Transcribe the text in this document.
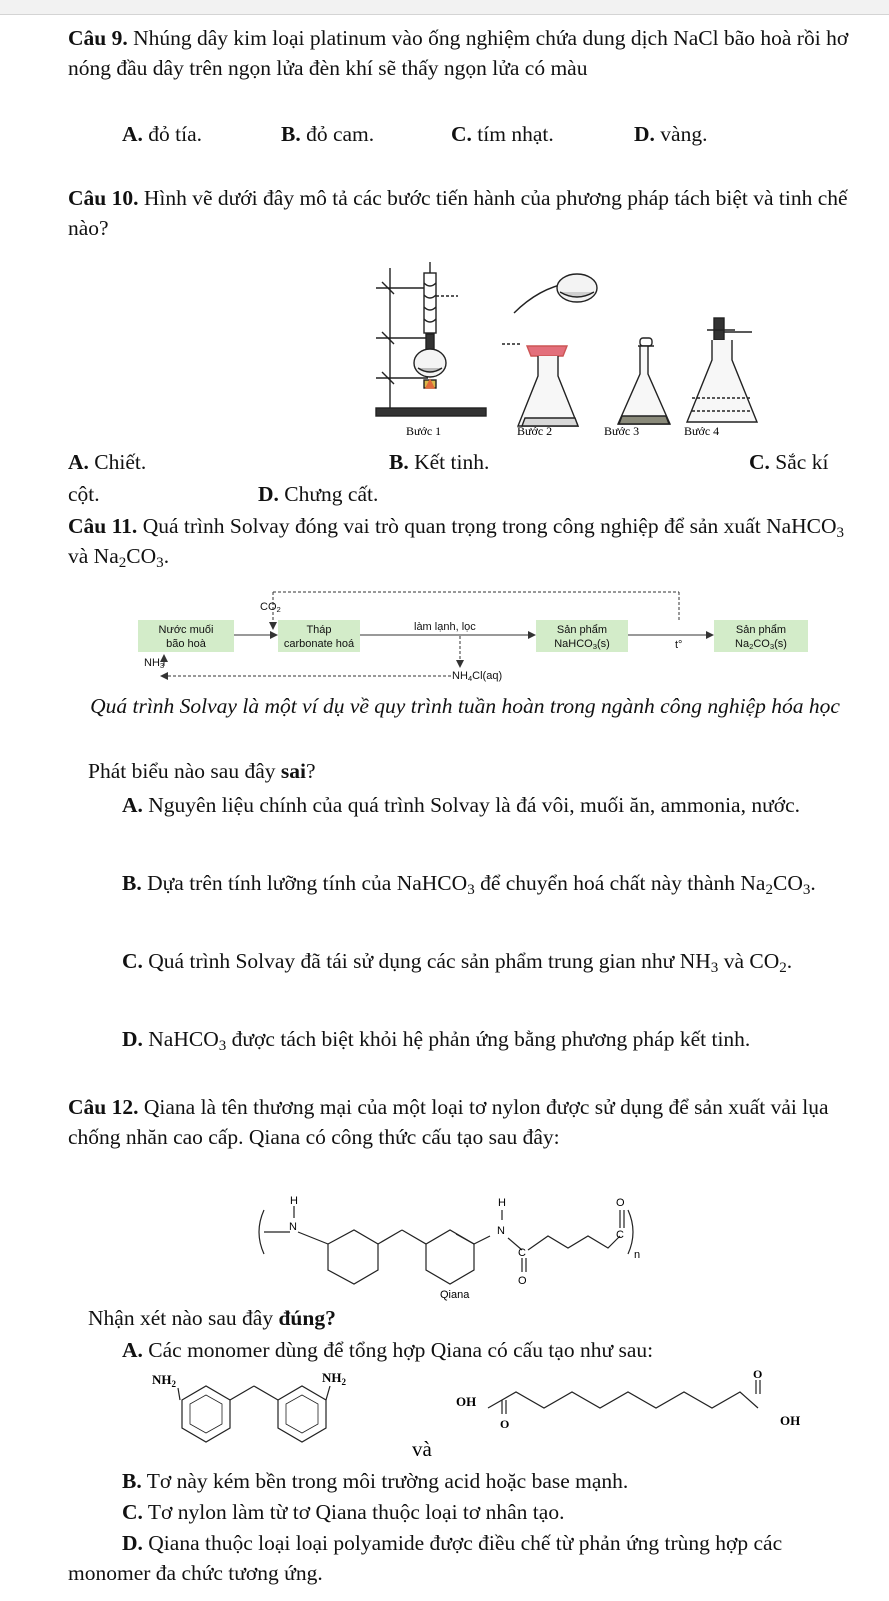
Câu 9. Nhúng dây kim loại platinum vào ống nghiệm chứa dung dịch NaCl bão hoà rồi hơ nóng đầu dây trên ngọn lửa đèn khí sẽ thấy ngọn lửa có màu
A. đỏ tía.	B. đỏ cam.	C. tím nhạt.	D. vàng.
Câu 10. Hình vẽ dưới đây mô tả các bước tiến hành của phương pháp tách biệt và tinh chế nào?
Bước 1	Bước 2	Bước 3	Bước 4
A. Chiết.	B. Kết tinh.	C. Sắc kí
cột.	D. Chưng cất.
Câu 11. Quá trình Solvay đóng vai trò quan trọng trong công nghiệp để sản xuất NaHCO$_3$ và $Na_2CO_3$.
$CO_2$
Nước muối
bão hoà
Tháp
carbonate hoá
làm lạnh, lọc	Sản phẩm
NaHCO$_3$(s)	t°
Sản phẩm
$Na_2CO_3(s)$
$NH_3$
$NH_4Cl(aq)$
Quá trình Solvay là một ví dụ về quy trình tuần hoàn trong ngành công nghiệp hóa học
Phát biểu nào sau đây sai?
A. Nguyên liệu chính của quá trình Solvay là đá vôi, muối ăn, ammonia, nước.
B. Dựa trên tính lưỡng tính của NaHCO$_3$ để chuyển hoá chất này thành $Na_2CO_3$.
C. Quá trình Solvay đã tái sử dụng các sản phẩm trung gian như $NH_3$ và $CO_2$.
D. NaHCO$_3$ được tách biệt khỏi hệ phản ứng bằng phương pháp kết tinh.
Câu 12. Qiana là tên thương mại của một loại tơ nylon được sử dụng để sản xuất vải lụa chống nhăn cao cấp. Qiana có công thức cấu tạo sau đây:
H
N
H
N
C
O
O
C
n
Qiana
Nhận xét nào sau đây đúng?
A. Các monomer dùng để tổng hợp Qiana có cấu tạo như sau:
$NH_2$	$NH_2$
OH
O
O
OH
và
B. Tơ này kém bền trong môi trường acid hoặc base mạnh.
C. Tơ nylon làm từ tơ Qiana thuộc loại tơ nhân tạo.
D. Qiana thuộc loại loại polyamide được điều chế từ phản ứng trùng hợp các monomer đa chức tương ứng.
